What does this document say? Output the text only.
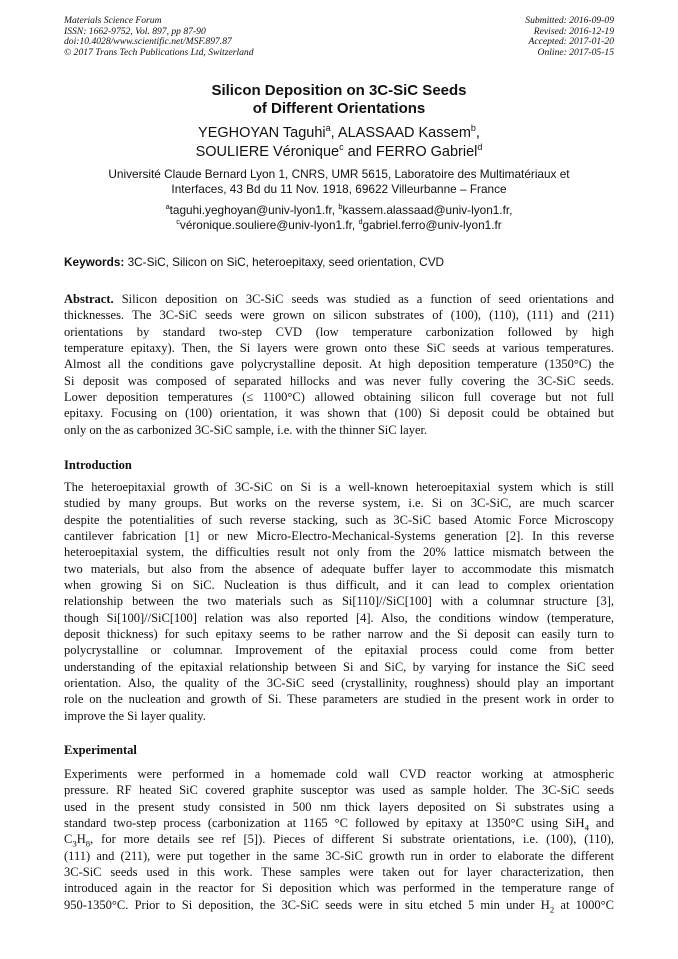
Materials Science Forum
ISSN: 1662-9752, Vol. 897, pp 87-90
doi:10.4028/www.scientific.net/MSF.897.87
© 2017 Trans Tech Publications Ltd, Switzerland
Submitted: 2016-09-09
Revised: 2016-12-19
Accepted: 2017-01-20
Online: 2017-05-15
Silicon Deposition on 3C-SiC Seeds
of Different Orientations
YEGHOYAN Taguhi$^a$, ALASSAAD Kassem$^b$,
SOULIERE Véronique$^c$ and FERRO Gabriel$^d$
Université Claude Bernard Lyon 1, CNRS, UMR 5615, Laboratoire des Multimatériaux et
Interfaces, 43 Bd du 11 Nov. 1918, 69622 Villeurbanne – France
$^a$taguhi.yeghoyan@univ-lyon1.fr, $^b$kassem.alassaad@univ-lyon1.fr,
$^c$véronique.souliere@univ-lyon1.fr, $^d$gabriel.ferro@univ-lyon1.fr
Keywords: 3C-SiC, Silicon on SiC, heteroepitaxy, seed orientation, CVD
Abstract. Silicon deposition on 3C-SiC seeds was studied as a function of seed orientations and
thicknesses. The 3C-SiC seeds were grown on silicon substrates of (100), (110), (111) and (211)
orientations by standard two-step CVD (low temperature carbonization followed by high
temperature epitaxy). Then, the Si layers were grown onto these SiC seeds at various temperatures.
Almost all the conditions gave polycrystalline deposit. At high deposition temperature (1350°C) the
Si deposit was composed of separated hillocks and was never fully covering the 3C-SiC seeds.
Lower deposition temperatures (≤ 1100°C) allowed obtaining silicon full coverage but not full
epitaxy. Focusing on (100) orientation, it was shown that (100) Si deposit could be obtained but
only on the as carbonized 3C-SiC sample, i.e. with the thinner SiC layer.
Introduction
The heteroepitaxial growth of 3C-SiC on Si is a well-known heteroepitaxial system which is still
studied by many groups. But works on the reverse system, i.e. Si on 3C-SiC, are much scarcer
despite the potentialities of such reverse stacking, such as 3C-SiC based Atomic Force Microscopy
cantilever fabrication [1] or new Micro-Electro-Mechanical-Systems generation [2]. In this reverse
heteroepitaxial system, the difficulties result not only from the 20% lattice mismatch between the
two materials, but also from the absence of adequate buffer layer to accommodate this mismatch
when growing Si on SiC. Nucleation is thus difficult, and it can lead to complex orientation
relationship between the two materials such as Si[110]//SiC[100] with a columnar structure [3],
though Si[100]//SiC[100] relation was also reported [4]. Also, the conditions window (temperature,
deposit thickness) for such epitaxy seems to be rather narrow and the Si deposit can easily turn to
polycrystalline or columnar. Improvement of the epitaxial process could come from better
understanding of the epitaxial relationship between Si and SiC, by varying for instance the SiC seed
orientation. Also, the quality of the 3C-SiC seed (crystallinity, roughness) should play an important
role on the nucleation and growth of Si. These parameters are studied in the present work in order to
improve the Si layer quality.
Experimental
Experiments were performed in a homemade cold wall CVD reactor working at atmospheric
pressure. RF heated SiC covered graphite susceptor was used as sample holder. The 3C-SiC seeds
used in the present study consisted in 500 nm thick layers deposited on Si substrates using a
standard two-step process (carbonization at 1165 °C followed by epitaxy at 1350°C using SiH$_4$ and
$C_3H_8$, for more details see ref [5]). Pieces of different Si substrate orientations, i.e. (100), (110),
(111) and (211), were put together in the same 3C-SiC growth run in order to elaborate the different
3C-SiC seeds used in this work. These samples were taken out for layer characterization, then
introduced again in the reactor for Si deposition which was performed in the temperature range of
950-1350°C. Prior to Si deposition, the 3C-SiC seeds were in situ etched 5 min under $H_2$ at 1000°C
